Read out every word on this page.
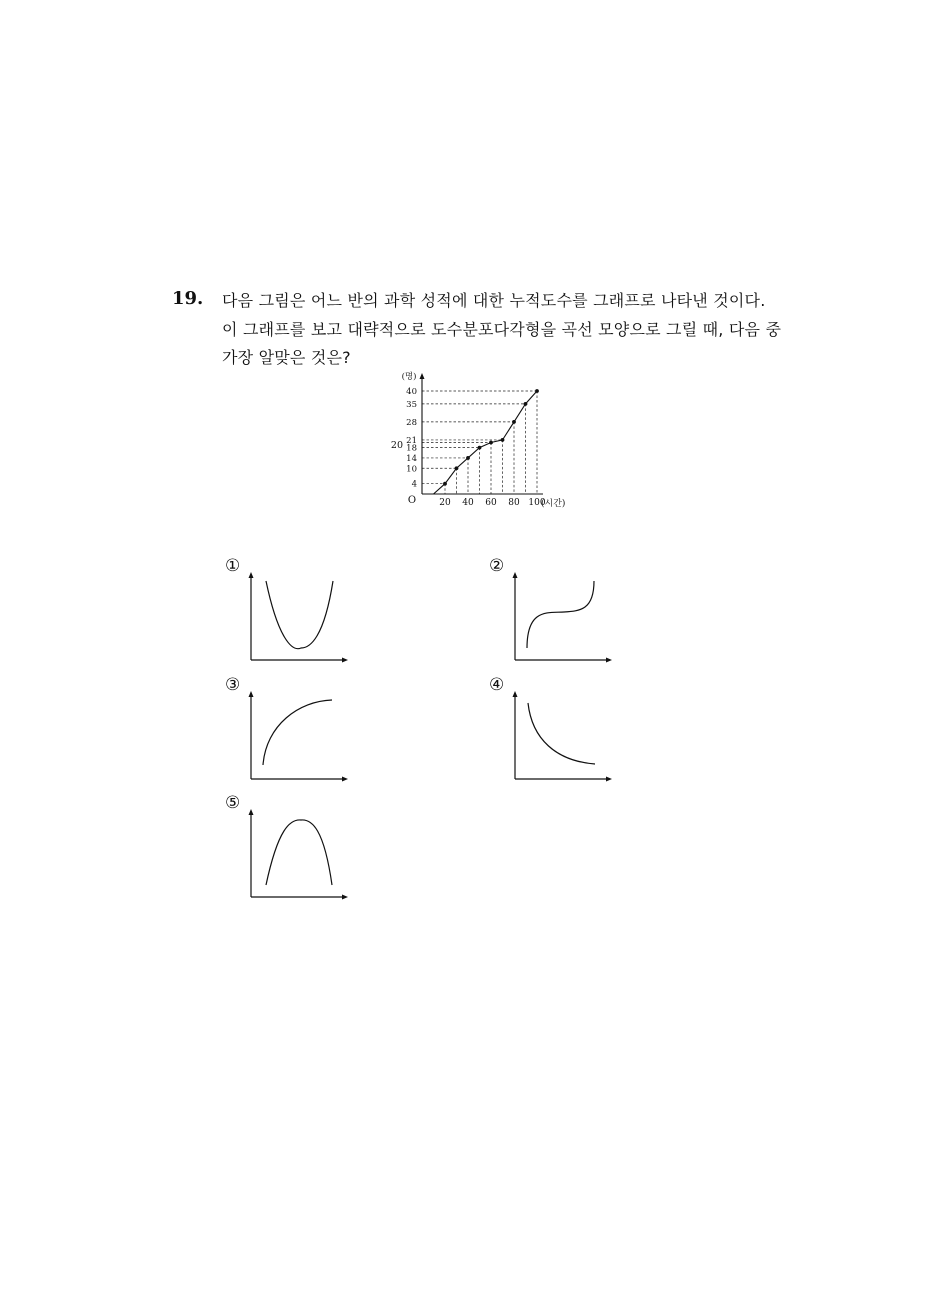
19. 다음 그림은 어느 반의 과학 성적에 대한 누적도수를 그래프로 나타낸 것이다.
이 그래프를 보고 대략적으로 도수분포다각형을 곡선 모양으로 그릴 때, 다음 중
가장 알맞은 것은?
4
10
14
18
20 21
28
35
40
20 40 60 80 100
O
(명)
(시간)
①	②
③	④
⑤
